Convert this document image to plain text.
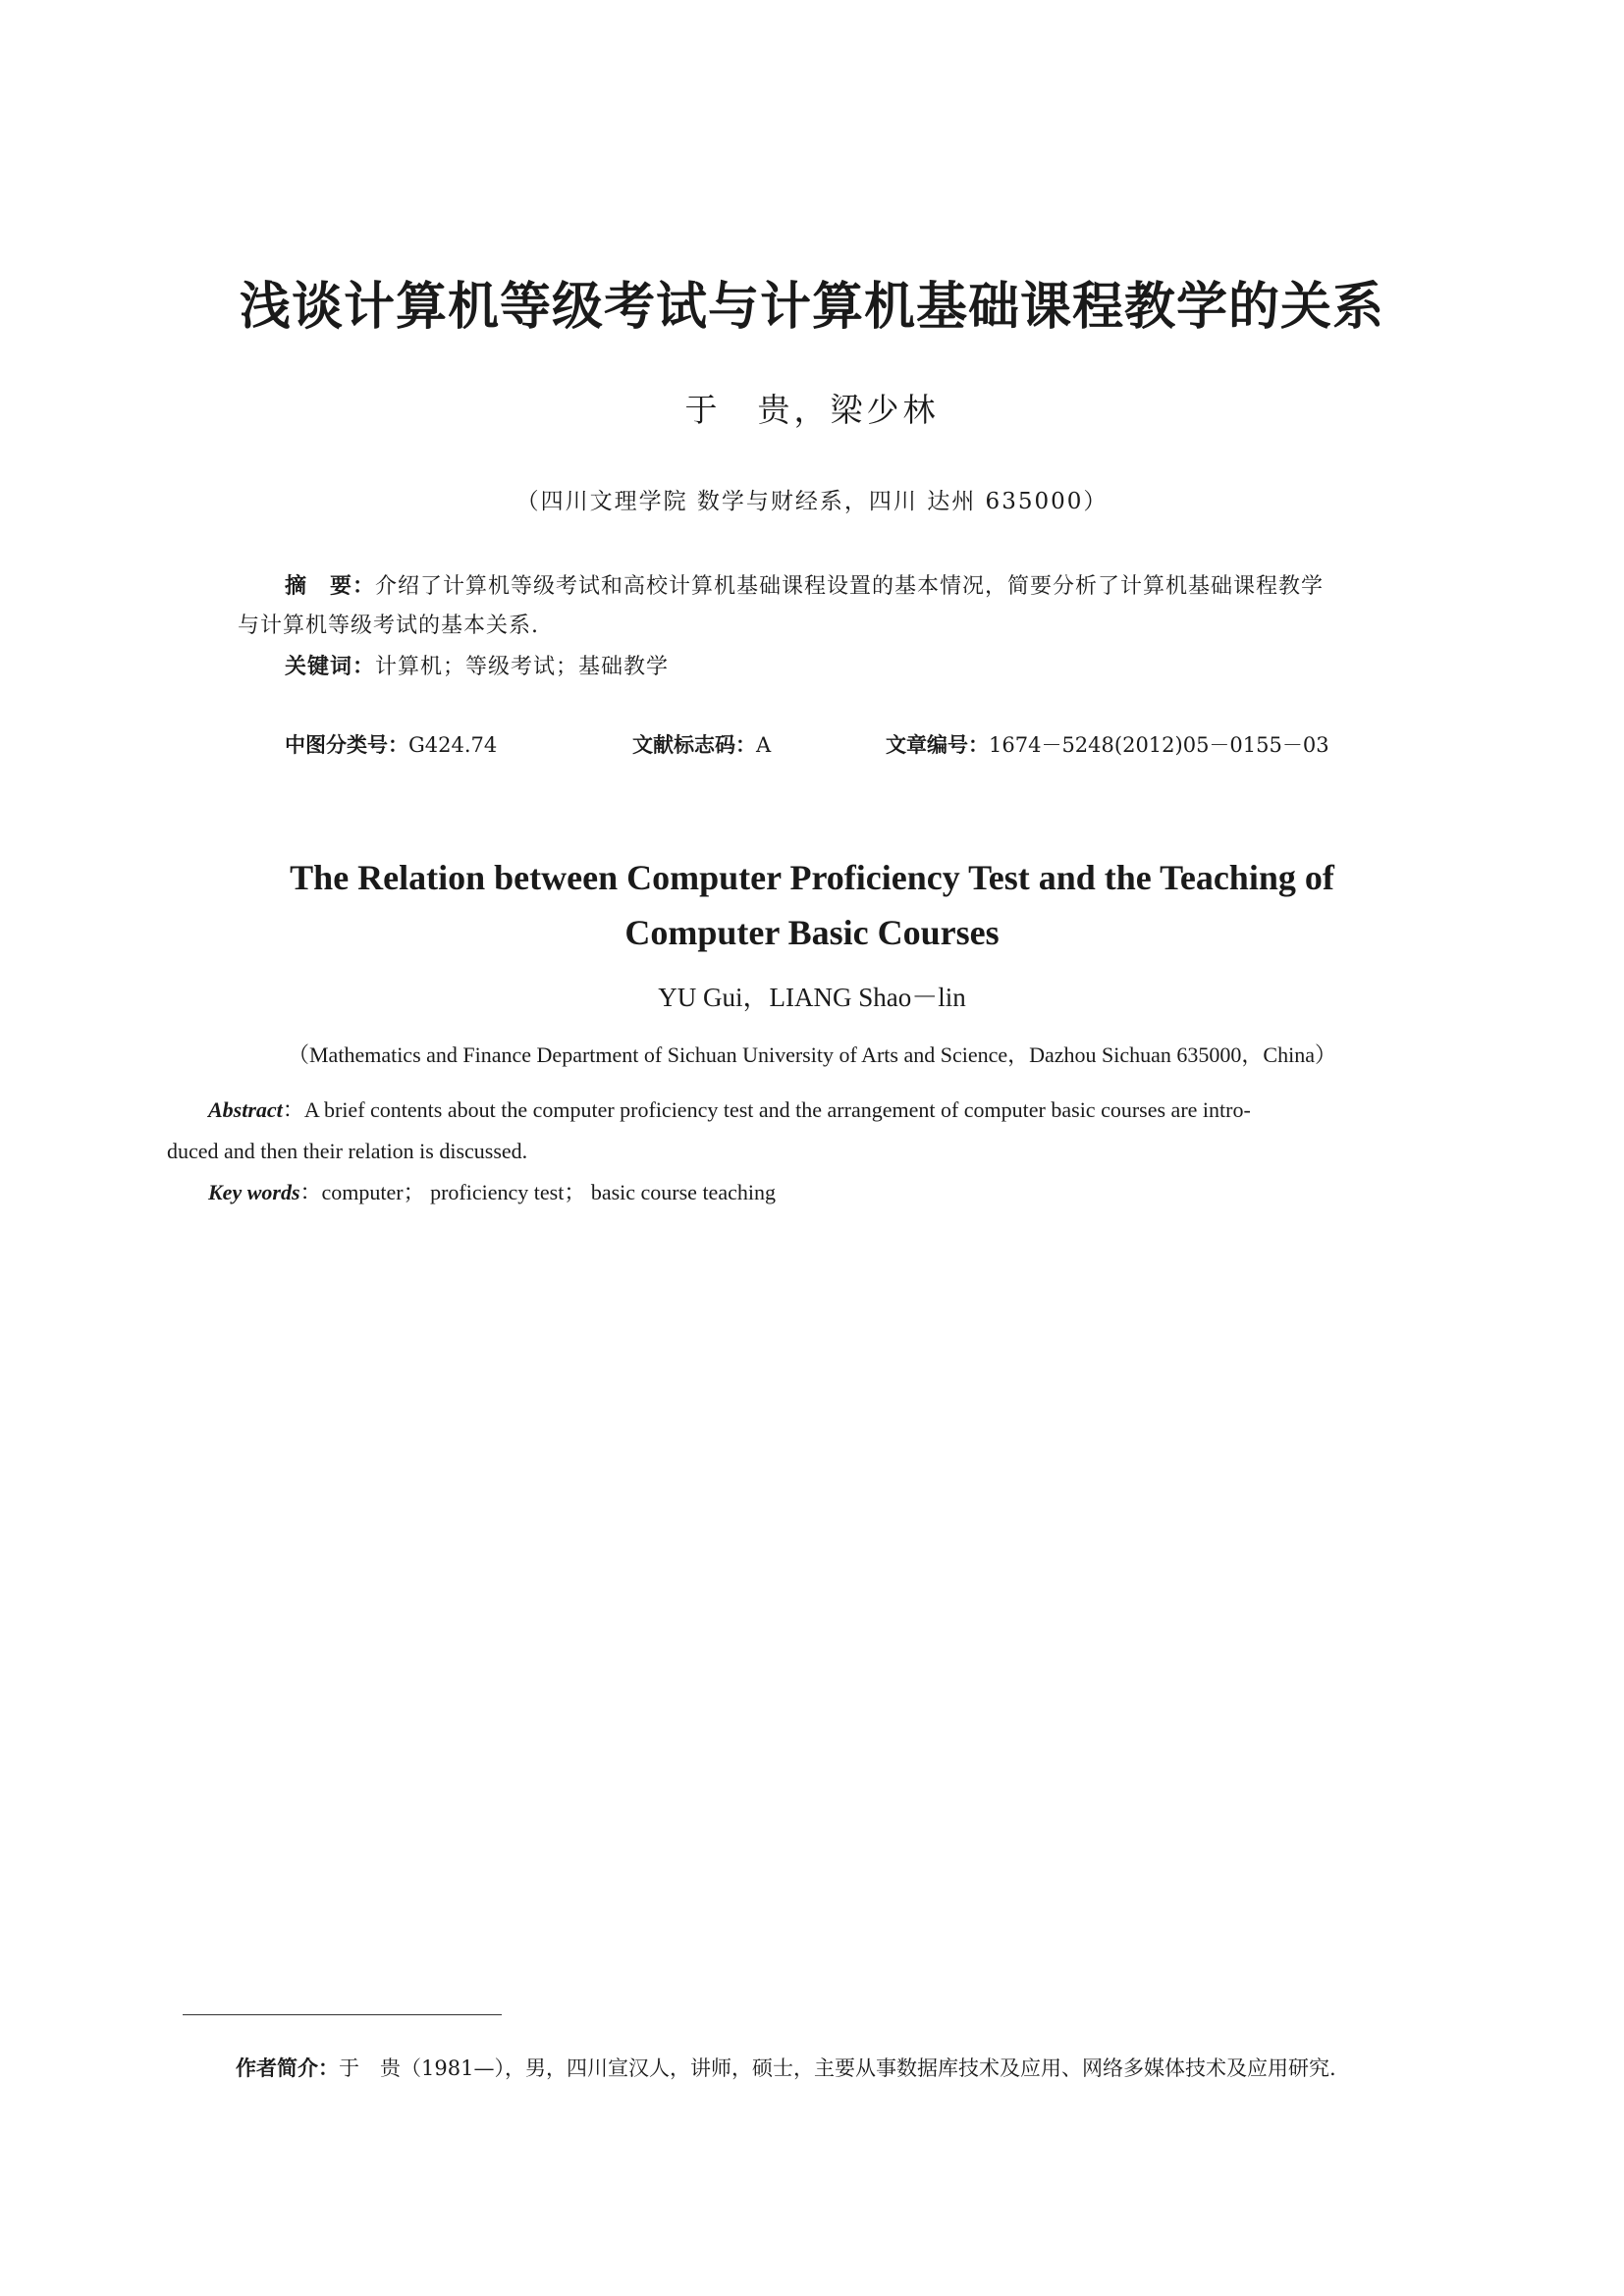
浅谈计算机等级考试与计算机基础课程教学的关系
于　贵，梁少林
（四川文理学院 数学与财经系，四川 达州 635000）
摘　要：介绍了计算机等级考试和高校计算机基础课程设置的基本情况，简要分析了计算机基础课程教学
与计算机等级考试的基本关系.
关键词：计算机；等级考试；基础教学
中图分类号：G424.74	文献标志码：A	文章编号：1674－5248(2012)05－0155－03
The Relation between Computer Proficiency Test and the Teaching of
Computer Basic Courses
YU Gui，LIANG Shao－lin
（Mathematics and Finance Department of Sichuan University of Arts and Science，Dazhou Sichuan 635000，China）
Abstract：A brief contents about the computer proficiency test and the arrangement of computer basic courses are intro-
duced and then their relation is discussed.
Key words：computer； proficiency test； basic course teaching
作者简介：于　贵（1981—），男，四川宣汉人，讲师，硕士，主要从事数据库技术及应用、网络多媒体技术及应用研究.
